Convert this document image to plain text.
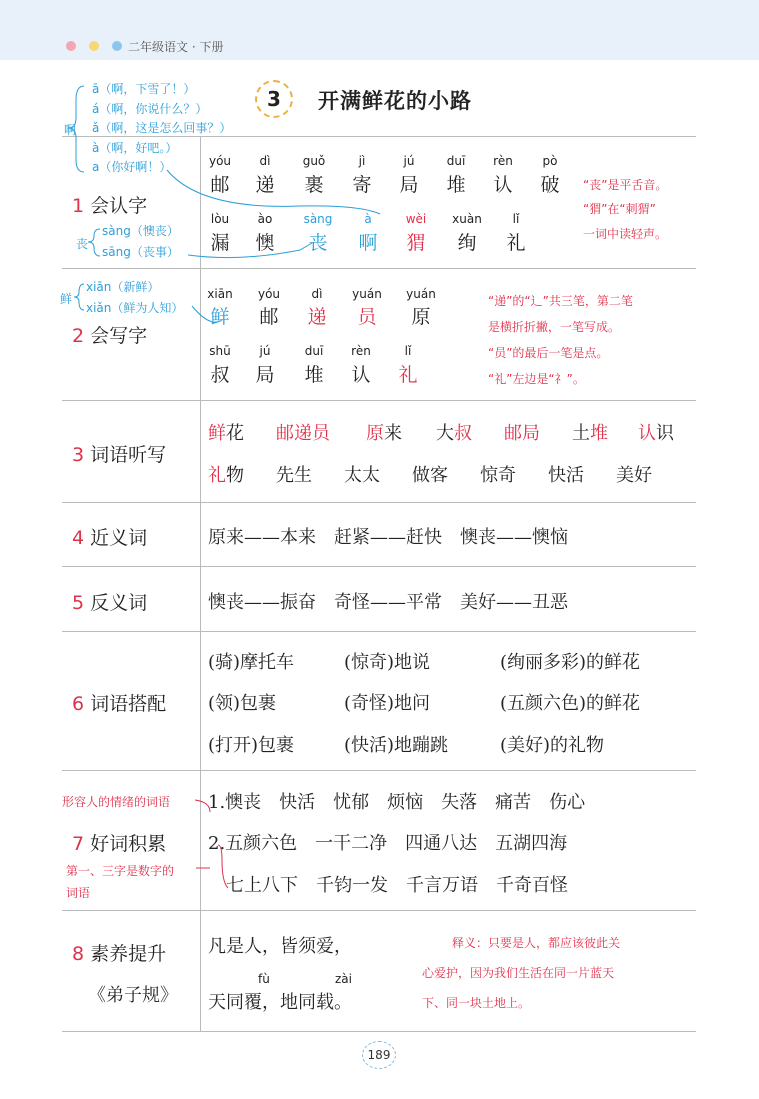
二年级语文 · 下册
3	开满鲜花的小路
啊
ā（啊，下雪了！）
á（啊，你说什么？）
ǎ（啊，这是怎么回事？）
à（啊，好吧。）
a（你好啊！）
丧
sàng（懊丧）
sāng（丧事）
鲜
xiān（新鲜）
xiǎn（鲜为人知）
1 会认字
yóu	dì	guǒ	jì	jú	duī	rèn	pò
邮	递	裹	寄	局	堆	认	破
lòu	ào	sàng	à	wèi	xuàn	lǐ
漏	懊	丧	啊	猬	绚	礼
“丧”是平舌音。
“猬”在“刺猬”
一词中读轻声。
2 会写字
xiān	yóu	dì	yuán	yuán
鲜	邮	递	员	原
shū	jú	duī	rèn	lǐ
叔	局	堆	认	礼
“递”的“辶”共三笔，第二笔
是横折折撇，一笔写成。
“员”的最后一笔是点。
“礼”左边是“礻”。
3 词语听写
鲜花 邮递员 原来 大叔 邮局 土堆 认识
礼物 先生 太太 做客 惊奇 快活 美好
4 近义词	原来——本来　赶紧——赶快　懊丧——懊恼
5 反义词	懊丧——振奋　奇怪——平常　美好——丑恶
6 词语搭配
(骑)摩托车	(惊奇)地说	(绚丽多彩)的鲜花
(领)包裹	(奇怪)地问	(五颜六色)的鲜花
(打开)包裹	(快活)地蹦跳	(美好)的礼物
形容人的情绪的词语
7 好词积累
第一、三字是数字的
词语
1.懊丧　快活　忧郁　烦恼　失落　痛苦　伤心
2.五颜六色　一干二净　四通八达　五湖四海
七上八下　千钧一发　千言万语　千奇百怪
8 素养提升
《弟子规》
凡是人，皆须爱，
fù	zài
天同覆，地同载。
释义：只要是人，都应该彼此关
心爱护，因为我们生活在同一片蓝天
下、同一块土地上。
189
